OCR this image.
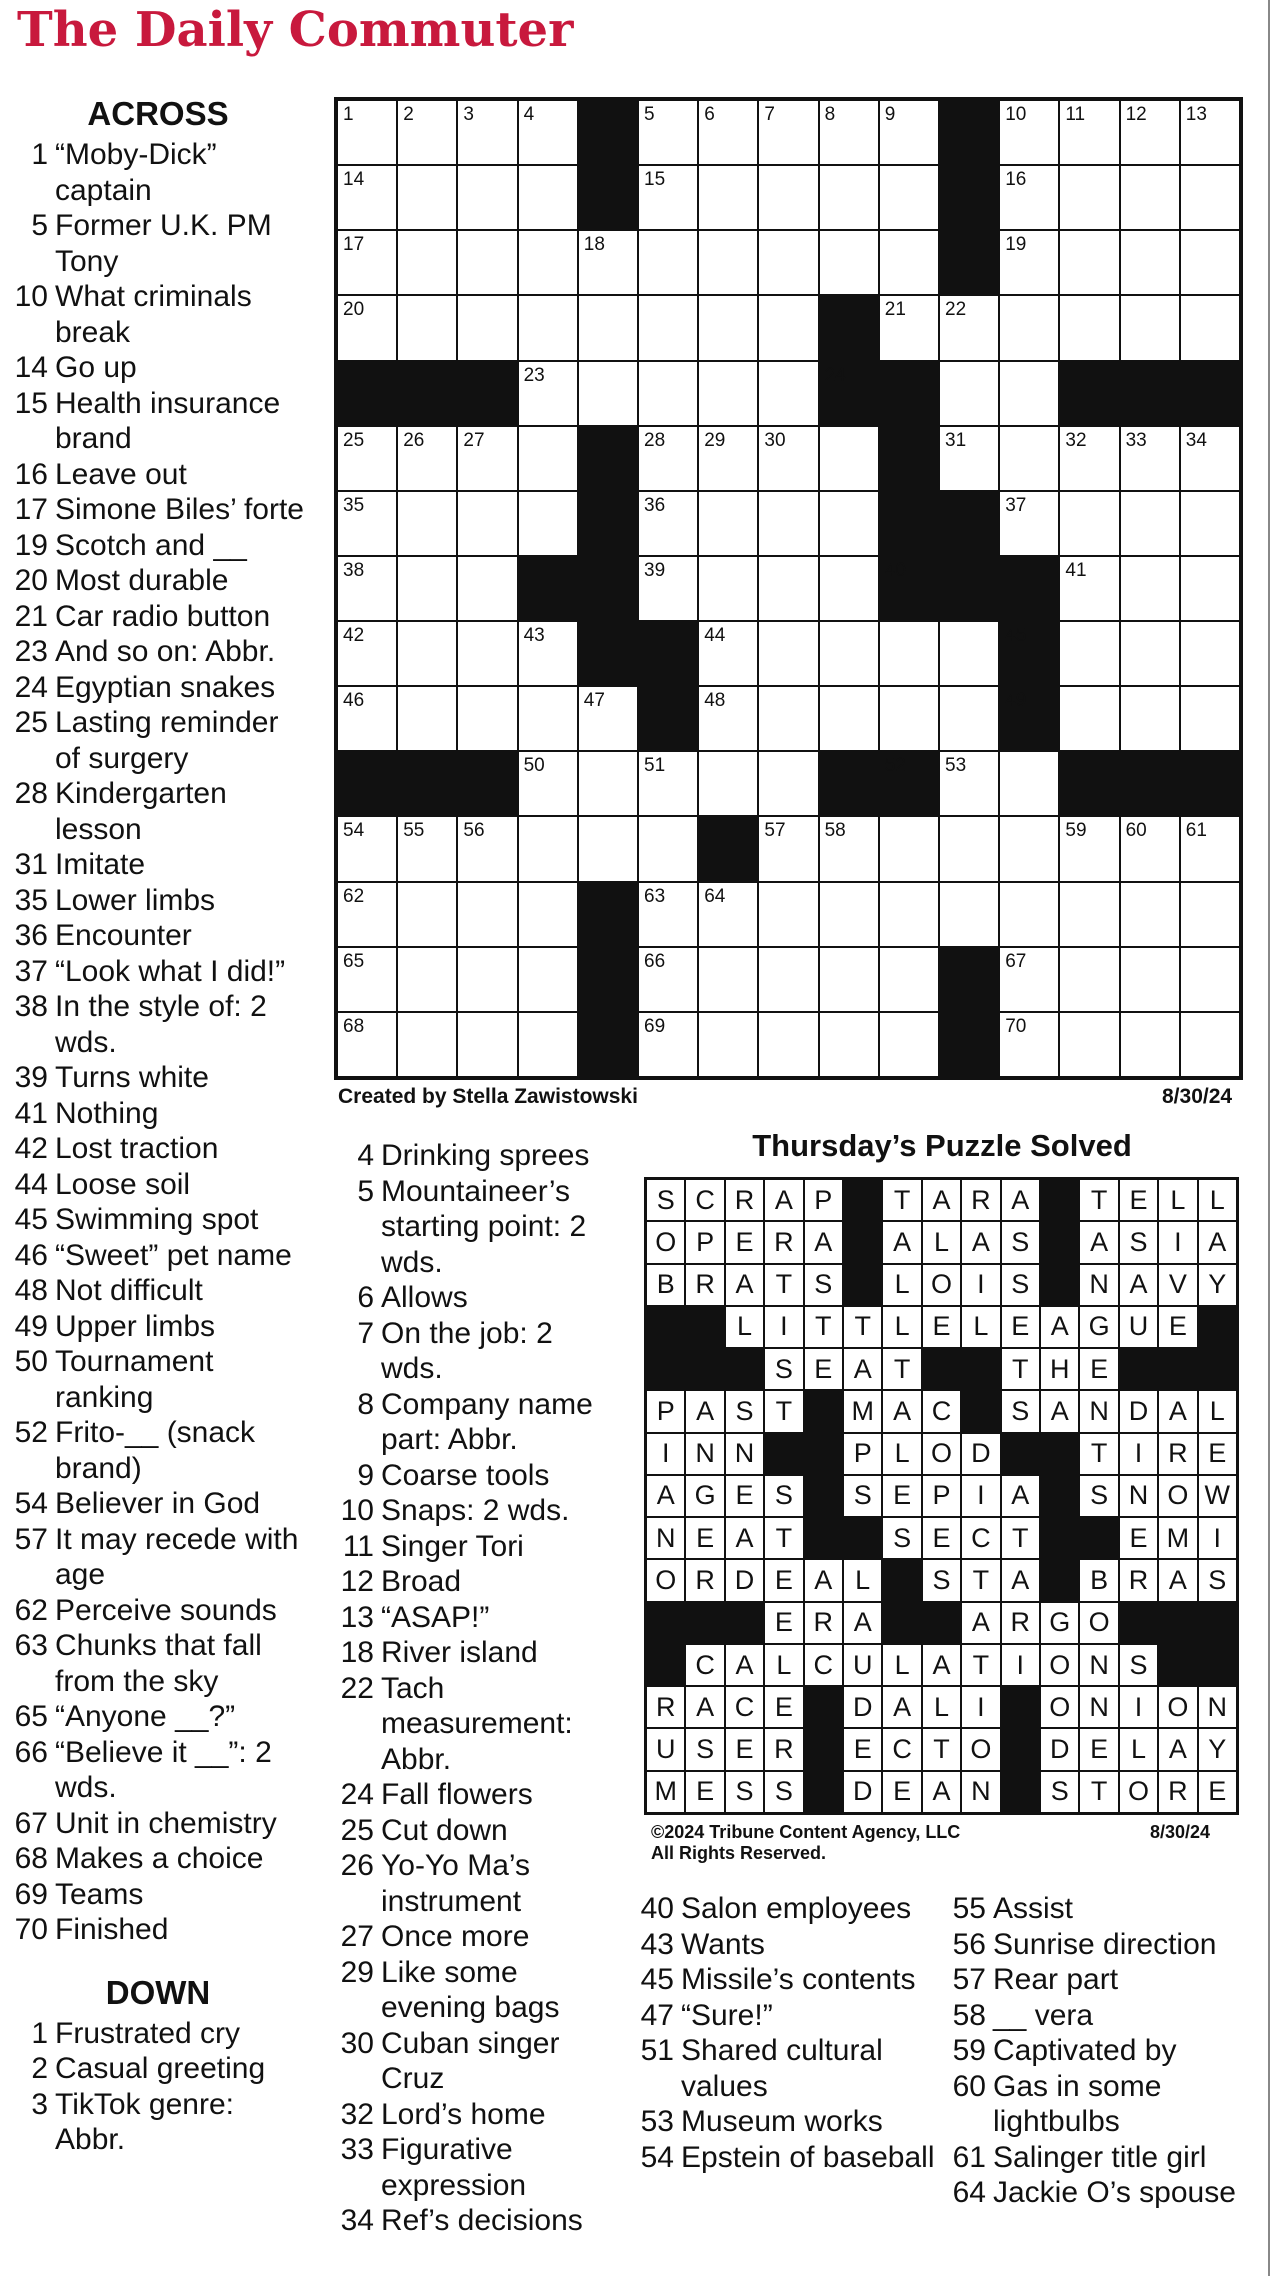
The Daily Commuter
ACROSS
1 “Moby-Dick” captain
5 Former U.K. PM Tony
10 What criminals break
14 Go up
15 Health insurance brand
16 Leave out
17 Simone Biles’ forte
19 Scotch and __
20 Most durable
21 Car radio button
23 And so on: Abbr.
24 Egyptian snakes
25 Lasting reminder of surgery
28 Kindergarten lesson
31 Imitate
35 Lower limbs
36 Encounter
37 “Look what I did!”
38 In the style of: 2 wds.
39 Turns white
41 Nothing
42 Lost traction
44 Loose soil
45 Swimming spot
46 “Sweet” pet name
48 Not difficult
49 Upper limbs
50 Tournament ranking
52 Frito-__ (snack brand)
54 Believer in God
57 It may recede with age
62 Perceive sounds
63 Chunks that fall from the sky
65 “Anyone __?”
66 “Believe it __”: 2 wds.
67 Unit in chemistry
68 Makes a choice
69 Teams
70 Finished
DOWN
1 Frustrated cry
2 Casual greeting
3 TikTok genre: Abbr.
1	2	3	4	5	6	7	8	9	10 11 12 13
14	15	16
17	18	19
20	21 22
23	24
25 26 27	28 29 30	31	32 33 34
35	36	37
38	39	40	41
42	43	44	45
46	47	48	49
50	51	52 53
54 55 56	57 58	59 60 61
62	63 64
65	66	67
68	69	70
Created by Stella Zawistowski	8/30/24
4 Drinking sprees
5 Mountaineer’s starting point: 2 wds.
6 Allows
7 On the job: 2 wds.
8 Company name part: Abbr.
9 Coarse tools
10 Snaps: 2 wds.
11 Singer Tori
12 Broad
13 “ASAP!”
18 River island
22 Tach measurement: Abbr.
24 Fall flowers
25 Cut down
26 Yo-Yo Ma’s instrument
27 Once more
29 Like some evening bags
30 Cuban singer Cruz
32 Lord’s home
33 Figurative expression
34 Ref’s decisions
Thursday’s Puzzle Solved
S C R A P	T A R A	T E L L
O P E R A	A L A S	A S I A
B R A T S	L O I S	N A V Y
L	I	T T L E L E A G U E
S E A T	T H E
P A S T	M A C	S A N D A L
I N N	P L O D	T	I R E
A G E S	S E P I A	S N O W
N E A T	S E C T	E M I
O R D E A L	S T A	B R A S
E R A	A R G O
C A L C U L A T	I O N S
R A C E	D A L	I	O N I O N
U S E R	E C T O	D E L A Y
M E S S	D E A N	S T O R E
©2024 Tribune Content Agency, LLC
All Rights Reserved.
8/30/24
40 Salon employees
43 Wants
45 Missile’s contents
47 “Sure!”
51 Shared cultural values
53 Museum works
54 Epstein of baseball
55 Assist
56 Sunrise direction
57 Rear part
58 __ vera
59 Captivated by
60 Gas in some lightbulbs
61 Salinger title girl
64 Jackie O’s spouse
